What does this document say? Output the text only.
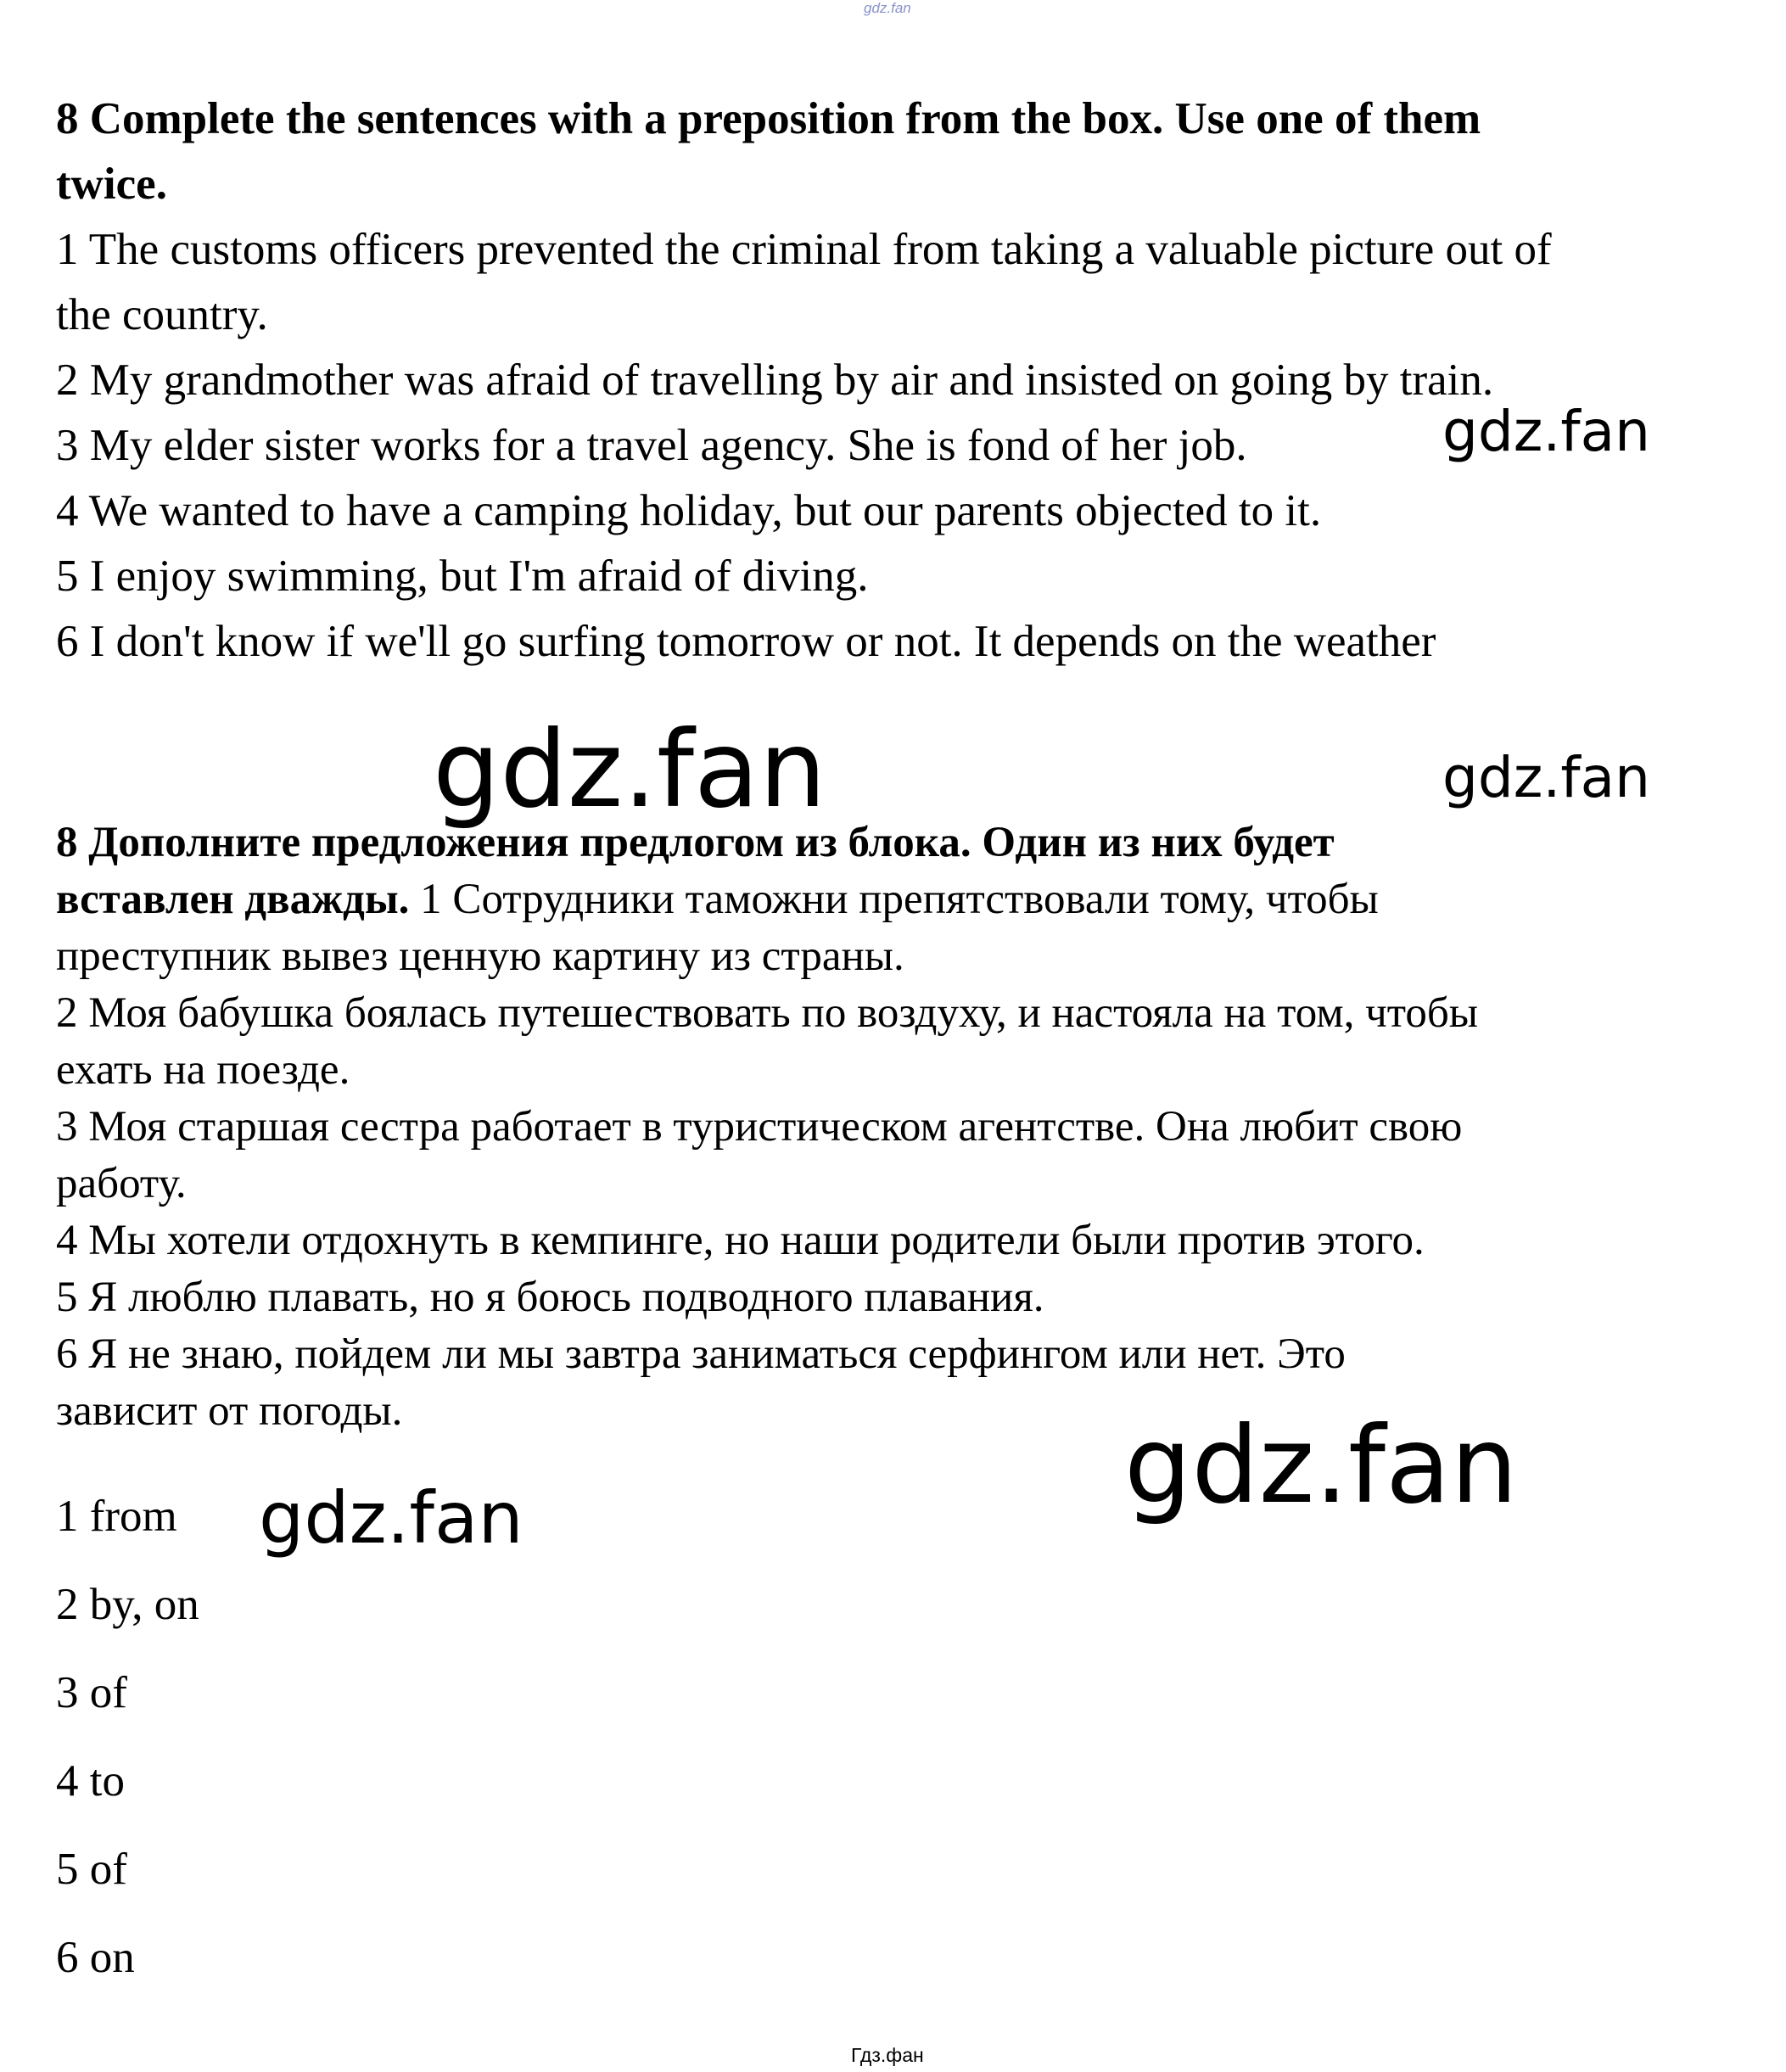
gdz.fan
8 Complete the sentences with a preposition from the box. Use one of them
twice.
1 The customs officers prevented the criminal from taking a valuable picture out of
the country.
2 My grandmother was afraid of travelling by air and insisted on going by train.
3 My elder sister works for a travel agency. She is fond of her job.
4 We wanted to have a camping holiday, but our parents objected to it.
5 I enjoy swimming, but I'm afraid of diving.
6 I don't know if we'll go surfing tomorrow or not. It depends on the weather
8 Дополните предложения предлогом из блока. Один из них будет
вставлен дважды. 1 Сотрудники таможни препятствовали тому, чтобы
преступник вывез ценную картину из страны.
2 Моя бабушка боялась путешествовать по воздуху, и настояла на том, чтобы
ехать на поезде.
3 Моя старшая сестра работает в туристическом агентстве. Она любит свою
работу.
4 Мы хотели отдохнуть в кемпинге, но наши родители были против этого.
5 Я люблю плавать, но я боюсь подводного плавания.
6 Я не знаю, пойдем ли мы завтра заниматься серфингом или нет. Это
зависит от погоды.
1 from
2 by, on
3 of
4 to
5 of
6 on
gdz.fan
gdz.fan	gdz.fan
gdz.fan
gdz.fan
Гдз.фан
